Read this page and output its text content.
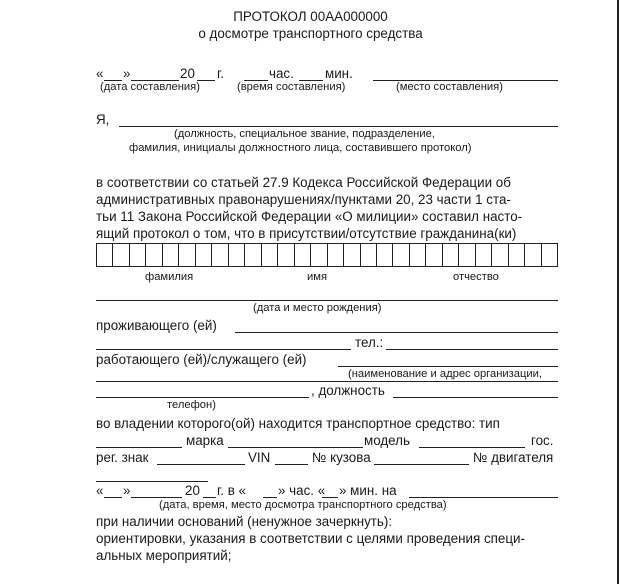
ПРОТОКОЛ 00АА000000
о досмотре транспортного средства
« »	20 г.	час. мин.
(дата составления)	(время составления)	(место составления)
Я,
(должность, специальное звание, подразделение,
фамилия, инициалы должностного лица, составившего протокол)
в соответствии со статьей 27.9 Кодекса Российской Федерации об
административных правонарушениях/пунктами 20, 23 части 1 ста-
тьи 11 Закона Российской Федерации «О милиции» составил наcто-
ящий протокол о том, что в присутствии/отсутствие гражданина(ки)
фамилия	имя	отчество
(дата и место рождения)
проживающего (ей)
тел.:
работающего (ей)/служащего (ей)
(наименование и адрес организации,
, должность
телефон)
во владении которого(ой) находится транспортное средство: тип
марка	модель	гос.
рег. знак	VIN	№ кузова	№ двигателя
« »	20 г. в « » час. « » мин. на
(дата, время, место досмотра транспортного средства)
при наличии оснований (ненужное зачеркнуть):
ориентировки, указания в соответствии с целями проведения специ-
альных мероприятий;
